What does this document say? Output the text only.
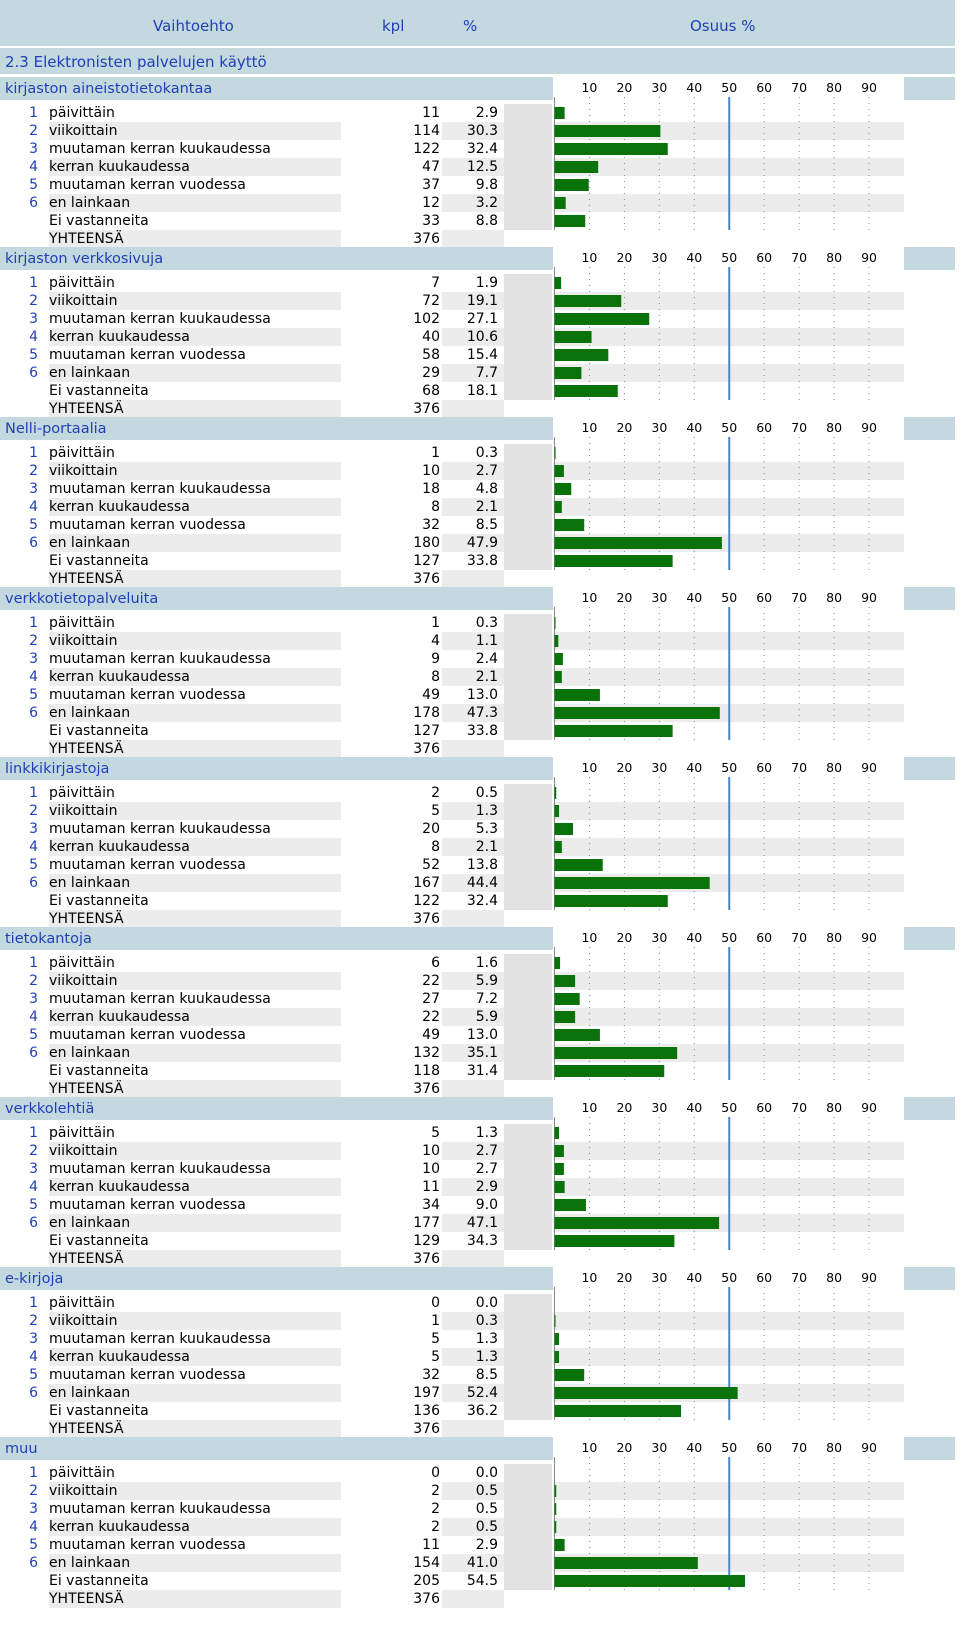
Vaihtoehto	kpl	%	Osuus %
2.3 Elektronisten palvelujen käyttö
kirjaston aineistotietokantaa
1 päivittäin	11	2.9
2 viikoittain	114	30.3
3 muutaman kerran kuukaudessa	122	32.4
4 kerran kuukaudessa	47	12.5
5 muutaman kerran vuodessa	37	9.8
6 en lainkaan	12	3.2
Ei vastanneita	33	8.8
YHTEENSÄ	376
10 20 30 40 50 60 70 80 90
kirjaston verkkosivuja
1 päivittäin	7	1.9
2 viikoittain	72	19.1
3 muutaman kerran kuukaudessa	102	27.1
4 kerran kuukaudessa	40	10.6
5 muutaman kerran vuodessa	58	15.4
6 en lainkaan	29	7.7
Ei vastanneita	68	18.1
YHTEENSÄ	376
10 20 30 40 50 60 70 80 90
Nelli-portaalia
1 päivittäin	1	0.3
2 viikoittain	10	2.7
3 muutaman kerran kuukaudessa	18	4.8
4 kerran kuukaudessa	8	2.1
5 muutaman kerran vuodessa	32	8.5
6 en lainkaan	180	47.9
Ei vastanneita	127	33.8
YHTEENSÄ	376
10 20 30 40 50 60 70 80 90
verkkotietopalveluita
1 päivittäin	1	0.3
2 viikoittain	4	1.1
3 muutaman kerran kuukaudessa	9	2.4
4 kerran kuukaudessa	8	2.1
5 muutaman kerran vuodessa	49	13.0
6 en lainkaan	178	47.3
Ei vastanneita	127	33.8
YHTEENSÄ	376
10 20 30 40 50 60 70 80 90
linkkikirjastoja
1 päivittäin	2	0.5
2 viikoittain	5	1.3
3 muutaman kerran kuukaudessa	20	5.3
4 kerran kuukaudessa	8	2.1
5 muutaman kerran vuodessa	52	13.8
6 en lainkaan	167	44.4
Ei vastanneita	122	32.4
YHTEENSÄ	376
10 20 30 40 50 60 70 80 90
tietokantoja
1 päivittäin	6	1.6
2 viikoittain	22	5.9
3 muutaman kerran kuukaudessa	27	7.2
4 kerran kuukaudessa	22	5.9
5 muutaman kerran vuodessa	49	13.0
6 en lainkaan	132	35.1
Ei vastanneita	118	31.4
YHTEENSÄ	376
10 20 30 40 50 60 70 80 90
verkkolehtiä
1 päivittäin	5	1.3
2 viikoittain	10	2.7
3 muutaman kerran kuukaudessa	10	2.7
4 kerran kuukaudessa	11	2.9
5 muutaman kerran vuodessa	34	9.0
6 en lainkaan	177	47.1
Ei vastanneita	129	34.3
YHTEENSÄ	376
10 20 30 40 50 60 70 80 90
e-kirjoja
1 päivittäin	0	0.0
2 viikoittain	1	0.3
3 muutaman kerran kuukaudessa	5	1.3
4 kerran kuukaudessa	5	1.3
5 muutaman kerran vuodessa	32	8.5
6 en lainkaan	197	52.4
Ei vastanneita	136	36.2
YHTEENSÄ	376
10 20 30 40 50 60 70 80 90
muu
1 päivittäin	0	0.0
2 viikoittain	2	0.5
3 muutaman kerran kuukaudessa	2	0.5
4 kerran kuukaudessa	2	0.5
5 muutaman kerran vuodessa	11	2.9
6 en lainkaan	154	41.0
Ei vastanneita	205	54.5
YHTEENSÄ	376
10 20 30 40 50 60 70 80 90
